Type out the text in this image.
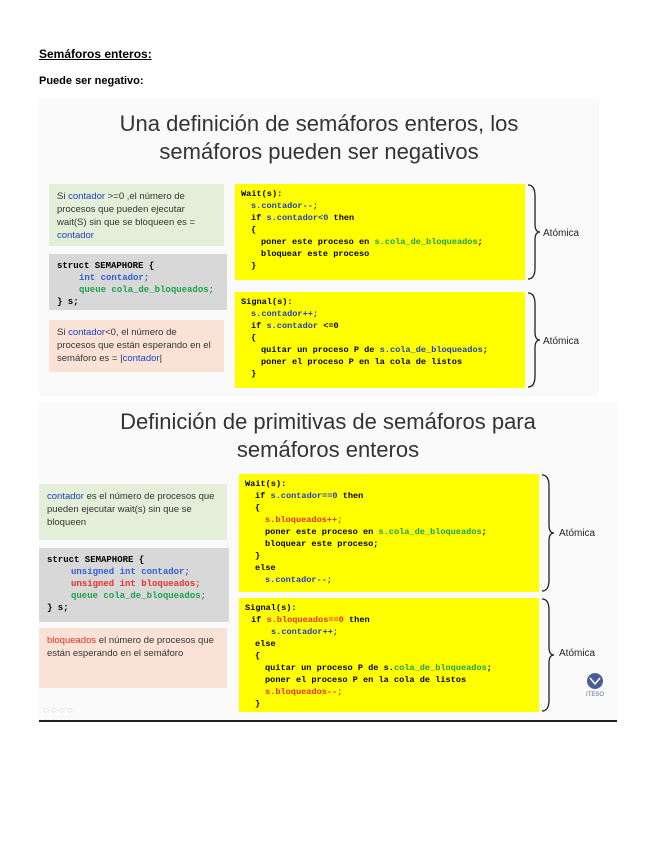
Semáforos enteros:
Puede ser negativo:
Una definición de semáforos enteros, los
semáforos pueden ser negativos
Si contador >=0 ,el número de procesos que pueden ejecutar wait(S) sin que se bloqueen es = contador
struct SEMAPHORE {
int contador;
queue cola_de_bloqueados;
} s;
Si contador<0, el número de procesos que están esperando en el semáforo es = |contador|
Wait(s):
s.contador--;
if s.contador<0 then
{
poner este proceso en s.cola_de_bloqueados;
bloquear este proceso
}
Atómica
Signal(s):
s.contador++;
if s.contador <=0
{
quitar un proceso P de s.cola_de_bloqueados;
poner el proceso P en la cola de listos
}
Atómica
Definición de primitivas de semáforos para
semáforos enteros
contador es el número de procesos que pueden ejecutar wait(s) sin que se bloqueen
struct SEMAPHORE {
unsigned int contador;
unsigned int bloqueados;
queue cola_de_bloqueados;
} s;
bloqueados el número de procesos que están esperando en el semáforo
Wait(s):
if s.contador==0 then
{
s.bloqueados++;
poner este proceso en s.cola_de_bloqueados;
bloquear este proceso;
}
else
s.contador--;
Atómica
Signal(s):
if s.bloqueados==0 then
s.contador++;
else
{
quitar un proceso P de s.cola_de_bloqueados;
poner el proceso P en la cola de listos
s.bloqueados--;
}
Atómica
ITESO
◌◌◌◌
